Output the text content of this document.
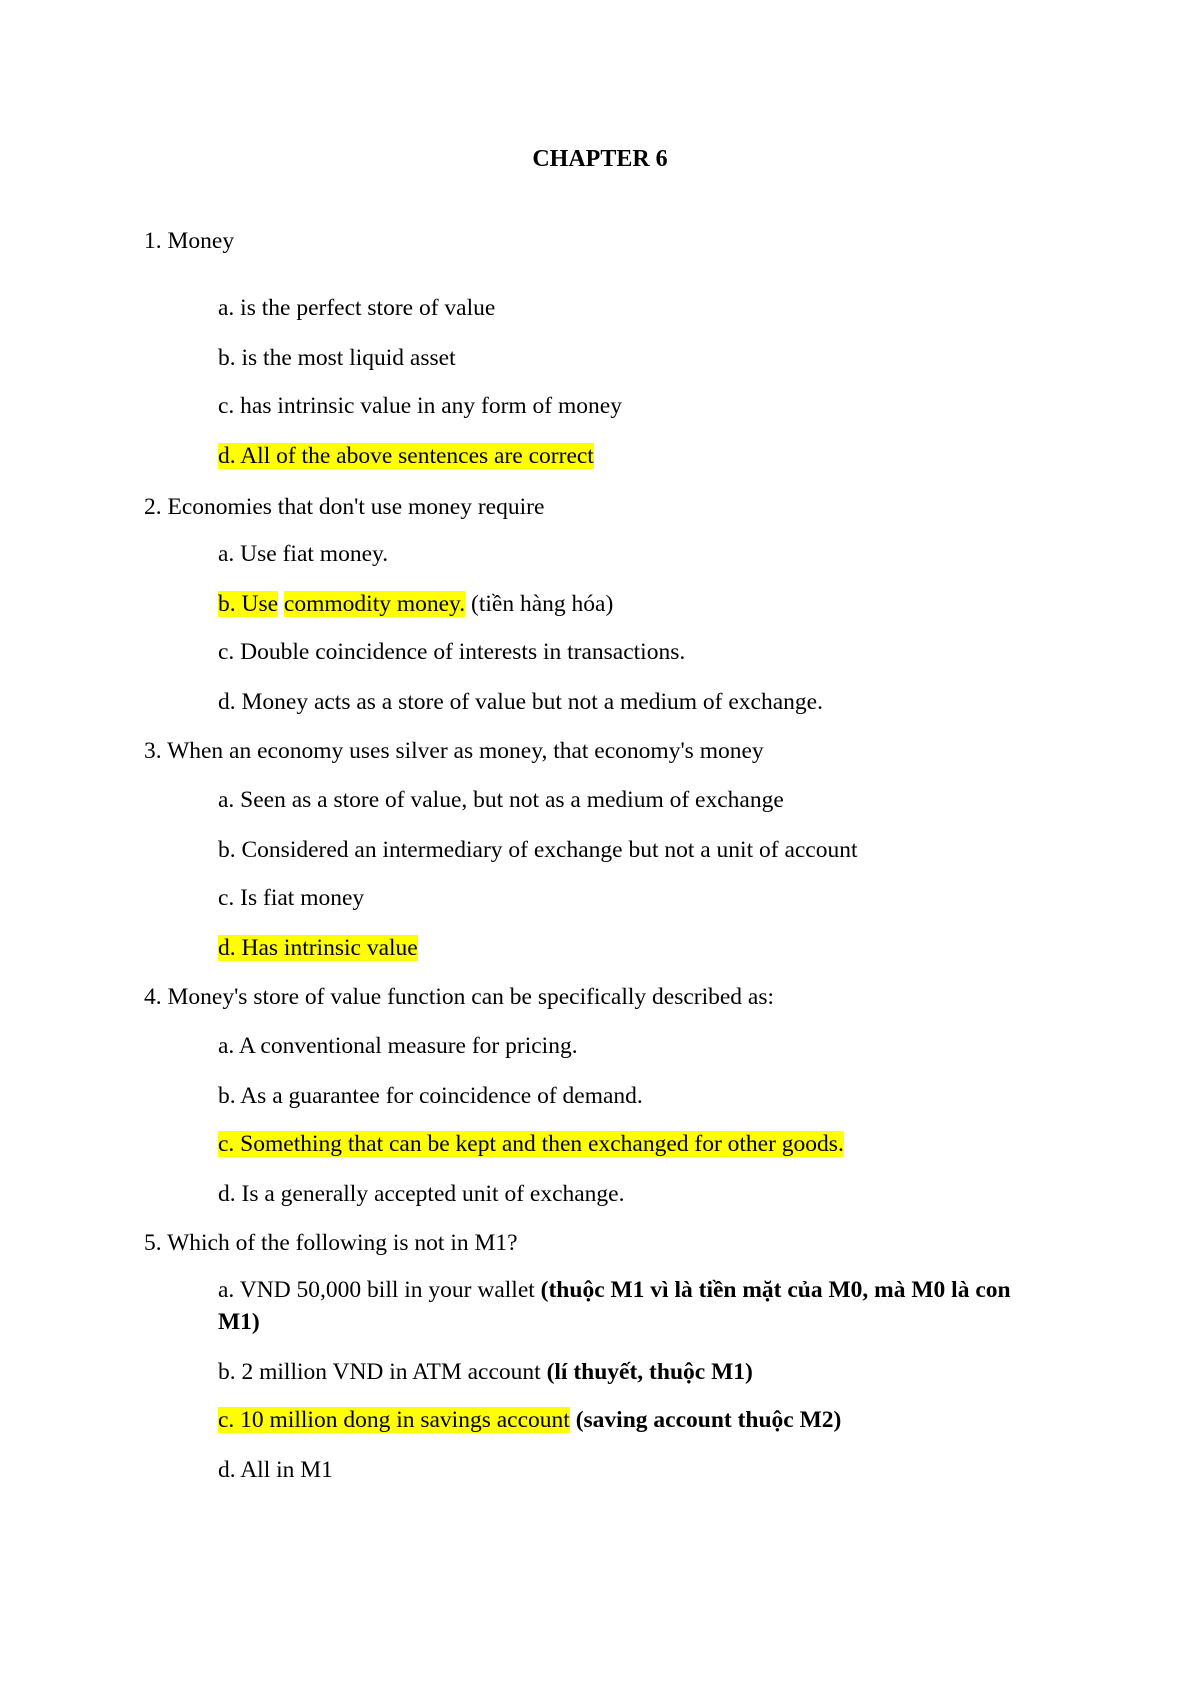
CHAPTER 6
1. Money
a. is the perfect store of value
b. is the most liquid asset
c. has intrinsic value in any form of money
d. All of the above sentences are correct
2. Economies that don't use money require
a. Use fiat money.
b. Use commodity money. (tiền hàng hóa)
c. Double coincidence of interests in transactions.
d. Money acts as a store of value but not a medium of exchange.
3. When an economy uses silver as money, that economy's money
a. Seen as a store of value, but not as a medium of exchange
b. Considered an intermediary of exchange but not a unit of account
c. Is fiat money
d. Has intrinsic value
4. Money's store of value function can be specifically described as:
a. A conventional measure for pricing.
b. As a guarantee for coincidence of demand.
c. Something that can be kept and then exchanged for other goods.
d. Is a generally accepted unit of exchange.
5. Which of the following is not in M1?
a. VND 50,000 bill in your wallet (thuộc M1 vì là tiền mặt của M0, mà M0 là con M1)
b. 2 million VND in ATM account (lí thuyết, thuộc M1)
c. 10 million dong in savings account (saving account thuộc M2)
d. All in M1
